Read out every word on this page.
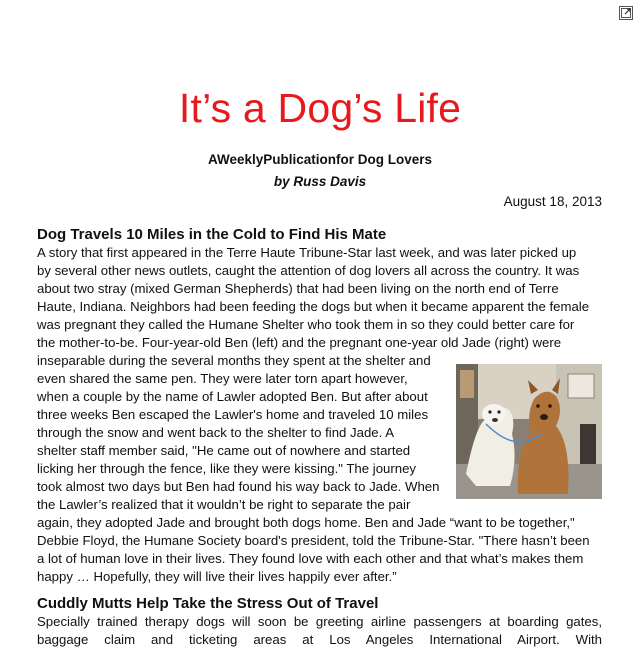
It’s a Dog’s Life
AWeeklyPublicationfor Dog Lovers
by Russ Davis
August 18, 2013
Dog Travels 10 Miles in the Cold to Find His Mate
A story that first appeared in the Terre Haute Tribune-Star last week, and was later picked up
by several other news outlets, caught the attention of dog lovers all across the country. It was
about two stray (mixed German Shepherds) that had been living on the north end of Terre
Haute, Indiana. Neighbors had been feeding the dogs but when it became apparent the female
was pregnant they called the Humane Shelter who took them in so they could better care for
the mother-to-be. Four-year-old Ben (left) and the pregnant one-year old Jade (right) were
inseparable during the several months they spent at the shelter and
even shared the same pen. They were later torn apart however,
when a couple by the name of Lawler adopted Ben. But after about
three weeks Ben escaped the Lawler's home and traveled 10 miles
through the snow and went back to the shelter to find Jade. A
shelter staff member said, "He came out of nowhere and started
licking her through the fence, like they were kissing." The journey
took almost two days but Ben had found his way back to Jade. When
the Lawler’s realized that it wouldn’t be right to separate the pair
again, they adopted Jade and brought both dogs home. Ben and Jade “want to be together,"
Debbie Floyd, the Humane Society board's president, told the Tribune-Star. "There hasn’t been
a lot of human love in their lives. They found love with each other and that what’s makes them
happy … Hopefully, they will live their lives happily ever after.”
Cuddly Mutts Help Take the Stress Out of Travel
Specially trained therapy dogs will soon be greeting airline passengers at boarding gates,
baggage claim and ticketing areas at Los Angeles International Airport. With
